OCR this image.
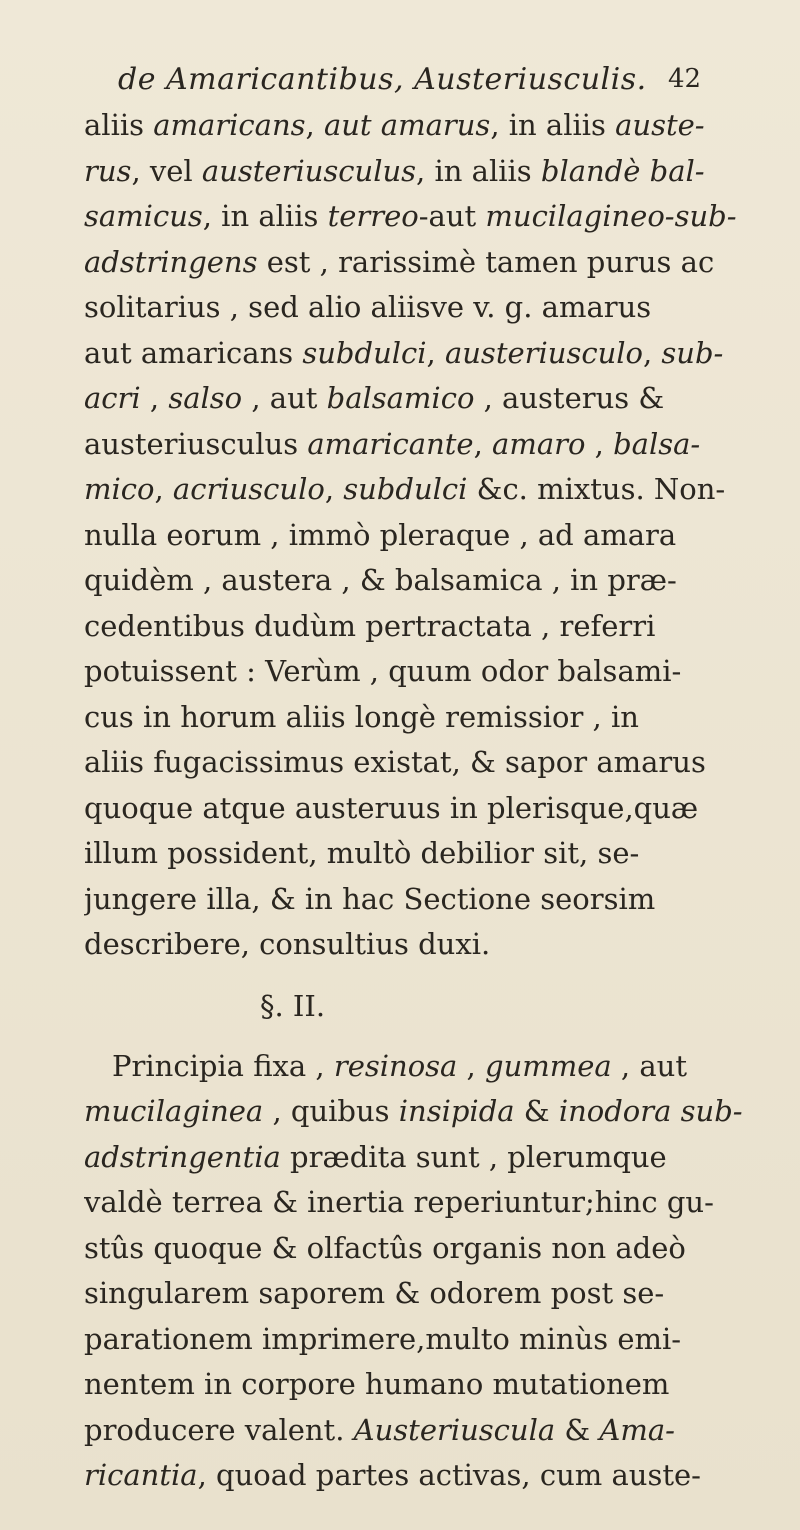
de Amaricantibus, Austeriusculis. 42
aliis amaricans, aut amarus, in aliis auste-
rus, vel austeriusculus, in aliis blandè bal-
samicus, in aliis terreo-aut mucilagineo-sub-
adstringens est , rarissimè tamen purus ac
solitarius , sed alio aliisve v. g. amarus
aut amaricans subdulci, austeriusculo, sub-
acri , salso , aut balsamico , austerus &
austeriusculus amaricante, amaro , balsa-
mico, acriusculo, subdulci &c. mixtus. Non-
nulla eorum , immò pleraque , ad amara
quidèm , austera , & balsamica , in præ-
cedentibus dudùm pertractata , referri
potuissent : Verùm , quum odor balsami-
cus in horum aliis longè remissior , in
aliis fugacissimus existat, & sapor amarus
quoque atque austeruus in plerisque,quæ
illum possident, multò debilior sit, se-
jungere illa, & in hac Sectione seorsim
describere, consultius duxi.
§. II.
Principia fixa , resinosa , gummea , aut
mucilaginea , quibus insipida & inodora sub-
adstringentia prædita sunt , plerumque
valdè terrea & inertia reperiuntur;hinc gu-
stûs quoque & olfactûs organis non adeò
singularem saporem & odorem post se-
parationem imprimere,multo minùs emi-
nentem in corpore humano mutationem
producere valent. Austeriuscula & Ama-
ricantia, quoad partes activas, cum auste-
